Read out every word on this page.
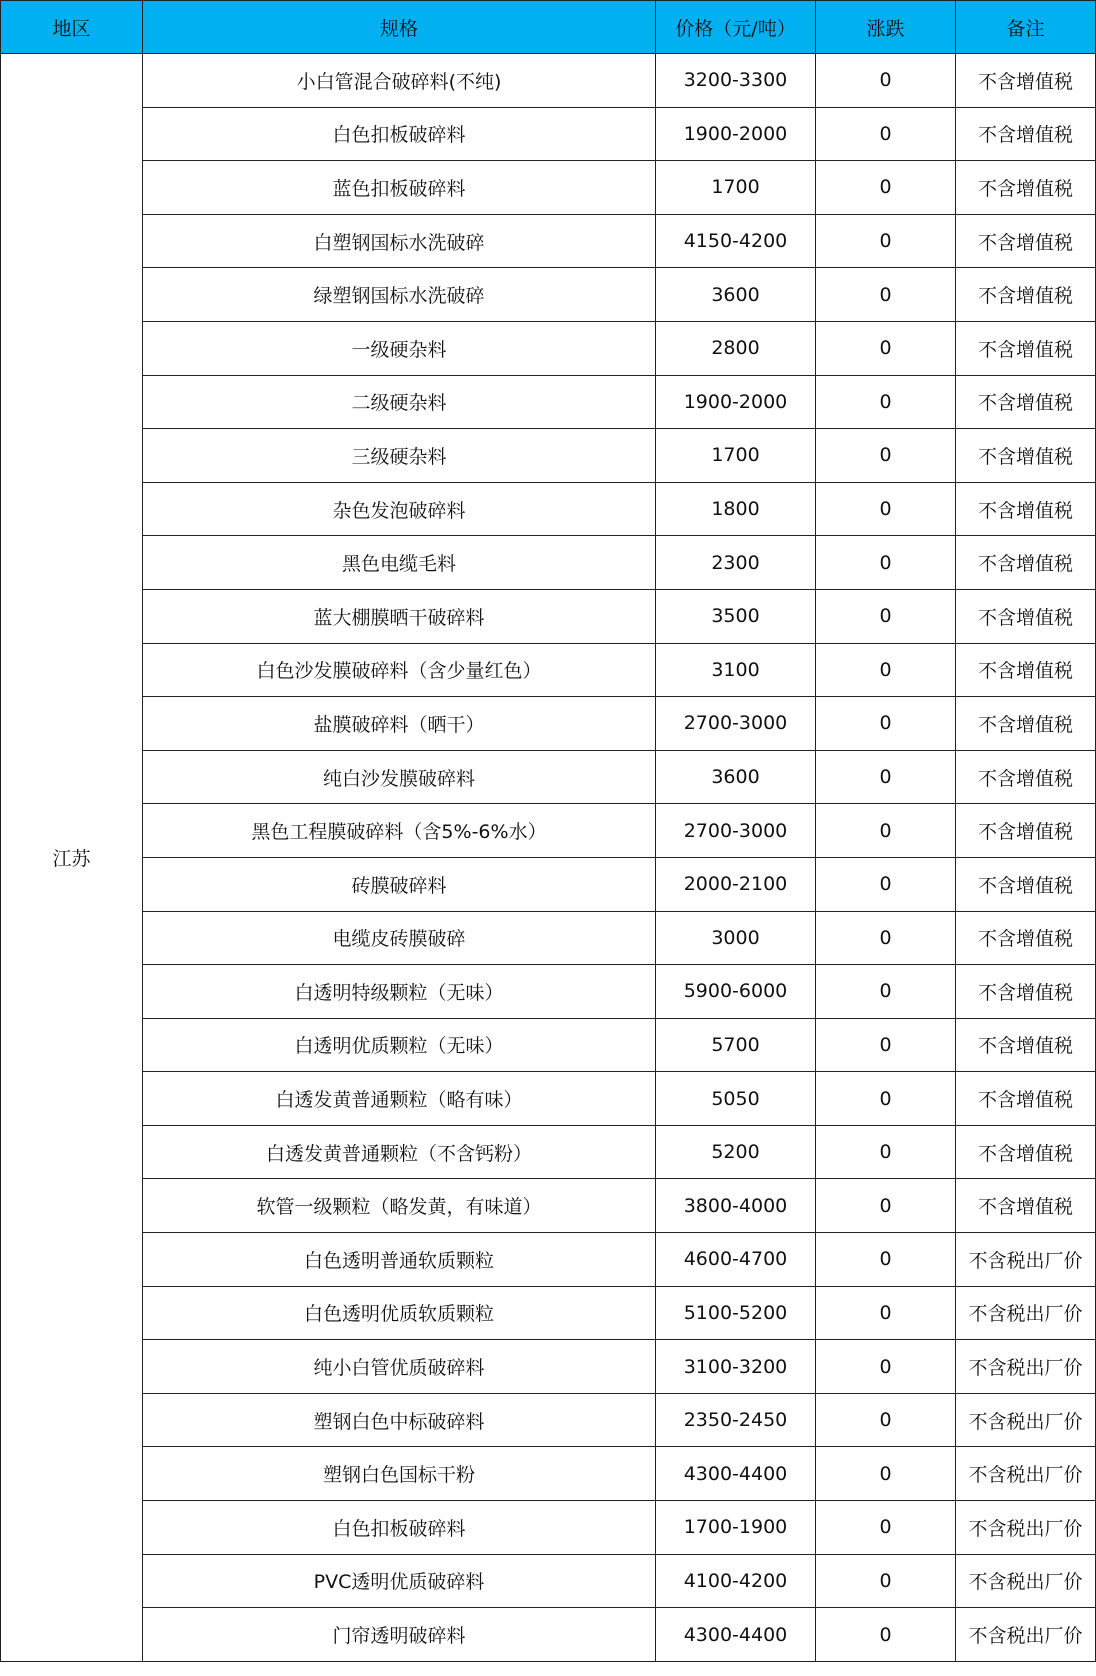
地区	规格	价格（元/吨）	涨跌	备注
江苏	小白管混合破碎料(不纯)	3200-3300	0	不含增值税
	白色扣板破碎料	1900-2000	0	不含增值税
	蓝色扣板破碎料	1700	0	不含增值税
	白塑钢国标水洗破碎	4150-4200	0	不含增值税
	绿塑钢国标水洗破碎	3600	0	不含增值税
	一级硬杂料	2800	0	不含增值税
	二级硬杂料	1900-2000	0	不含增值税
	三级硬杂料	1700	0	不含增值税
	杂色发泡破碎料	1800	0	不含增值税
	黑色电缆毛料	2300	0	不含增值税
	蓝大棚膜晒干破碎料	3500	0	不含增值税
	白色沙发膜破碎料（含少量红色）	3100	0	不含增值税
	盐膜破碎料（晒干）	2700-3000	0	不含增值税
	纯白沙发膜破碎料	3600	0	不含增值税
	黑色工程膜破碎料（含5%-6%水）	2700-3000	0	不含增值税
	砖膜破碎料	2000-2100	0	不含增值税
	电缆皮砖膜破碎	3000	0	不含增值税
	白透明特级颗粒（无味）	5900-6000	0	不含增值税
	白透明优质颗粒（无味）	5700	0	不含增值税
	白透发黄普通颗粒（略有味）	5050	0	不含增值税
	白透发黄普通颗粒（不含钙粉）	5200	0	不含增值税
	软管一级颗粒（略发黄，有味道）	3800-4000	0	不含增值税
	白色透明普通软质颗粒	4600-4700	0	不含税出厂价
	白色透明优质软质颗粒	5100-5200	0	不含税出厂价
	纯小白管优质破碎料	3100-3200	0	不含税出厂价
	塑钢白色中标破碎料	2350-2450	0	不含税出厂价
	塑钢白色国标干粉	4300-4400	0	不含税出厂价
	白色扣板破碎料	1700-1900	0	不含税出厂价
	PVC透明优质破碎料	4100-4200	0	不含税出厂价
	门帘透明破碎料	4300-4400	0	不含税出厂价
